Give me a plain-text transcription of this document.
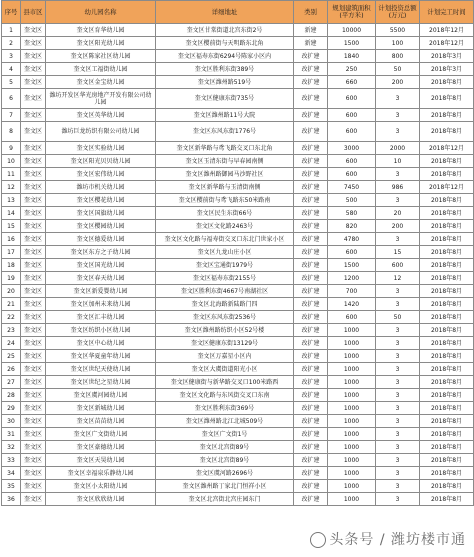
序号	县市区	幼儿园名称	详细地址	类别	规划建筑面积(平方米)	计划投资总额(万元)	计划完工时间
1	奎文区	奎文区育华幼儿园	奎文区甘棠街道北宫东街2号	新建	10000	5500	2018年12月
2	奎文区	奎文区阳光幼儿园	奎文区樱前街与天明路东北角	新建	1500	100	2018年12月
3	奎文区	奎文区陈家社区幼儿园	奎文区福寿东街6294号陈家小区内	改扩建	1840	800	2018年3月
4	奎文区	奎文区工福街幼儿园	奎文区胜利东街389号	改扩建	250	50	2018年3月
5	奎文区	奎文区金宝幼儿园	奎文区潍州路519号	改扩建	660	200	2018年8月
6	奎文区	潍坊开发区华光房地产开发有限公司幼儿园	奎文区健康东街735号	改扩建	600	3	2018年8月
7	奎文区	奎文区英华幼儿园	奎文区潍州路11号大院	改扩建	600	3	2018年8月
8	奎文区	潍坊巨龙纺织有限公司幼儿园	奎文区东风东街1776号	改扩建	600	3	2018年8月
9	奎文区	奎文区实验幼儿园	奎文区新华路与鸢飞路交叉口东北角	改扩建	3000	2000	2018年12月
10	奎文区	奎文区阳光贝贝幼儿园	奎文区玉清东街与早春园南侧	改扩建	600	10	2018年8月
11	奎文区	奎文区宏伟幼儿园	奎文区潍州路御园马沙野社区	改扩建	600	3	2018年8月
12	奎文区	潍坊市机关幼儿园	奎文区新华路与玉清街南侧	改扩建	7450	986	2018年12月
13	奎文区	奎文区樱花幼儿园	奎文区樱前街与鸢飞路东50米路南	改扩建	500	3	2018年8月
14	奎文区	奎文区国旗幼儿园	奎文区民生东街66号	改扩建	580	20	2018年8月
15	奎文区	奎文区樱园幼儿园	奎文区文化路2463号	改扩建	820	200	2018年8月
16	奎文区	奎文区德爱幼儿园	奎文区文化路与福寿街交叉口东北门世家小区	改扩建	4780	3	2018年8月
17	奎文区	奎文区东方之子幼儿园	奎文区九龙山庄小区	改扩建	600	15	2018年8月
18	奎文区	奎文区国光幼儿园	奎文区宝通街1979号	改扩建	1500	600	2018年8月
19	奎文区	奎文区春天幼儿园	奎文区福寿东街2155号	改扩建	1200	12	2018年8月
20	奎文区	奎文区新爱婴幼儿园	奎文区胜利东街4667号南湖社区	改扩建	700	3	2018年8月
21	奎文区	奎文区加州未来幼儿园	奎文区北海路新陆路门四	改扩建	1420	3	2018年8月
22	奎文区	奎文区汇丰幼儿园	奎文区东风东街2536号	改扩建	600	50	2018年8月
23	奎文区	奎文区纺织小区幼儿园	奎文区潍州路纺织小区52号楼	改扩建	1000	3	2018年8月
24	奎文区	奎文区中心幼儿园	奎文区健康东街13129号	改扩建	1000	3	2018年8月
25	奎文区	奎文区华夏童年幼儿园	奎文区万嘉星小区内	改扩建	1000	3	2018年8月
26	奎文区	奎文区世纪天使幼儿园	奎文区大虞街道阳光小区	改扩建	1000	3	2018年8月
27	奎文区	奎文区世纪之星幼儿园	奎文区健康街与新华路交叉口100米路西	改扩建	1000	3	2018年8月
28	奎文区	奎文区虞河园幼儿园	奎文区文化路与东风街交叉口东南	改扩建	1000	3	2018年8月
29	奎文区	奎文区新城幼儿园	奎文区胜利东街369号	改扩建	1000	3	2018年8月
30	奎文区	奎文区苗苗幼儿园	奎文区潍州路北江北城509号	改扩建	1000	3	2018年8月
31	奎文区	奎文区广文街幼儿园	奎文区广文街1号	改扩建	1000	3	2018年8月
32	奎文区	奎文区豪德幼儿园	奎文区北宫街89号	改扩建	1000	3	2018年8月
33	奎文区	奎文区天昊幼儿园	奎文区北宫街89号	改扩建	1000	3	2018年8月
34	奎文区	奎文区幸福泉乐静幼儿园	奎文区虞河路2696号	改扩建	1000	3	2018年8月
35	奎文区	奎文区小太阳幼儿园	奎文区潍州路丁家北门恒祥小区	改扩建	1000	3	2018年8月
36	奎文区	奎文区欣欣幼儿园	奎文区北宫街北宫庄园东门	改扩建	1000	3	2018年8月
头条号 / 潍坊楼市通
